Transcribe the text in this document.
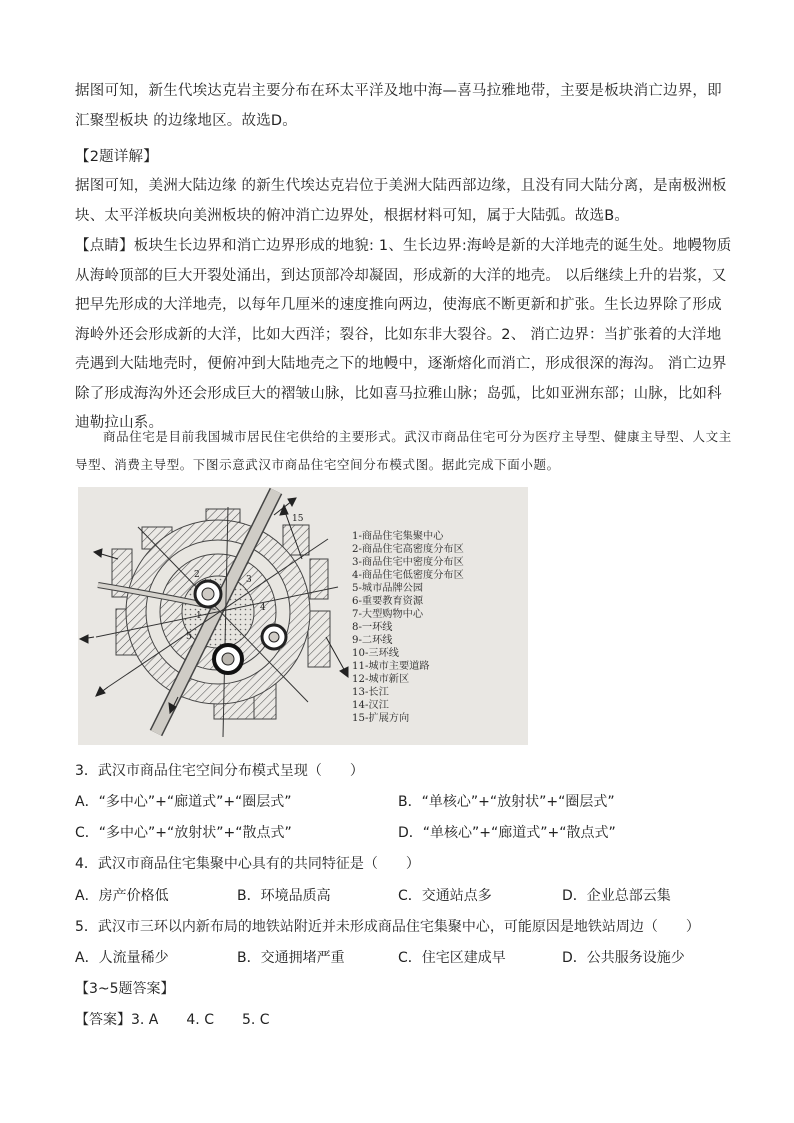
据图可知，新生代埃达克岩主要分布在环太平洋及地中海—喜马拉雅地带，主要是板块消亡边界，即汇聚型板块 的边缘地区。故选D。
【2题详解】
据图可知，美洲大陆边缘 的新生代埃达克岩位于美洲大陆西部边缘，且没有同大陆分离，是南极洲板块、太平洋板块向美洲板块的俯冲消亡边界处，根据材料可知，属于大陆弧。故选B。
【点睛】板块生长边界和消亡边界形成的地貌: 1、生长边界:海岭是新的大洋地壳的诞生处。地幔物质从海岭顶部的巨大开裂处涌出，到达顶部冷却凝固，形成新的大洋的地壳。 以后继续上升的岩浆，又把早先形成的大洋地壳，以每年几厘米的速度推向两边，使海底不断更新和扩张。生长边界除了形成海岭外还会形成新的大洋，比如大西洋；裂谷，比如东非大裂谷。2、 消亡边界：当扩张着的大洋地壳遇到大陆地壳时，便俯冲到大陆地壳之下的地幔中，逐渐熔化而消亡，形成很深的海沟。 消亡边界除了形成海沟外还会形成巨大的褶皱山脉，比如喜马拉雅山脉；岛弧，比如亚洲东部；山脉，比如科迪勒拉山系。
商品住宅是目前我国城市居民住宅供给的主要形式。武汉市商品住宅可分为医疗主导型、健康主导型、人文主导型、消费主导型。下图示意武汉市商品住宅空间分布模式图。据此完成下面小题。
15
1
2	3
4
5
1-商品住宅集聚中心
2-商品住宅高密度分布区
3-商品住宅中密度分布区
4-商品住宅低密度分布区
5-城市品牌公园
6-重要教育资源
7-大型购物中心
8-一环线
9-二环线
10-三环线
11-城市主要道路
12-城市新区
13-长江
14-汉江
15-扩展方向
3．武汉市商品住宅空间分布模式呈现（　　）
A．“多中心”+“廊道式”+“圈层式”	B．“单核心”+“放射状”+“圈层式”
C．“多中心”+“放射状”+“散点式”	D．“单核心”+“廊道式”+“散点式”
4．武汉市商品住宅集聚中心具有的共同特征是（　　）
A．房产价格低	B．环境品质高	C．交通站点多	D．企业总部云集
5．武汉市三环以内新布局的地铁站附近并未形成商品住宅集聚中心，可能原因是地铁站周边（　　）
A．人流量稀少	B．交通拥堵严重	C．住宅区建成早	D．公共服务设施少
【3~5题答案】
【答案】3. A　　4. C　　5. C
